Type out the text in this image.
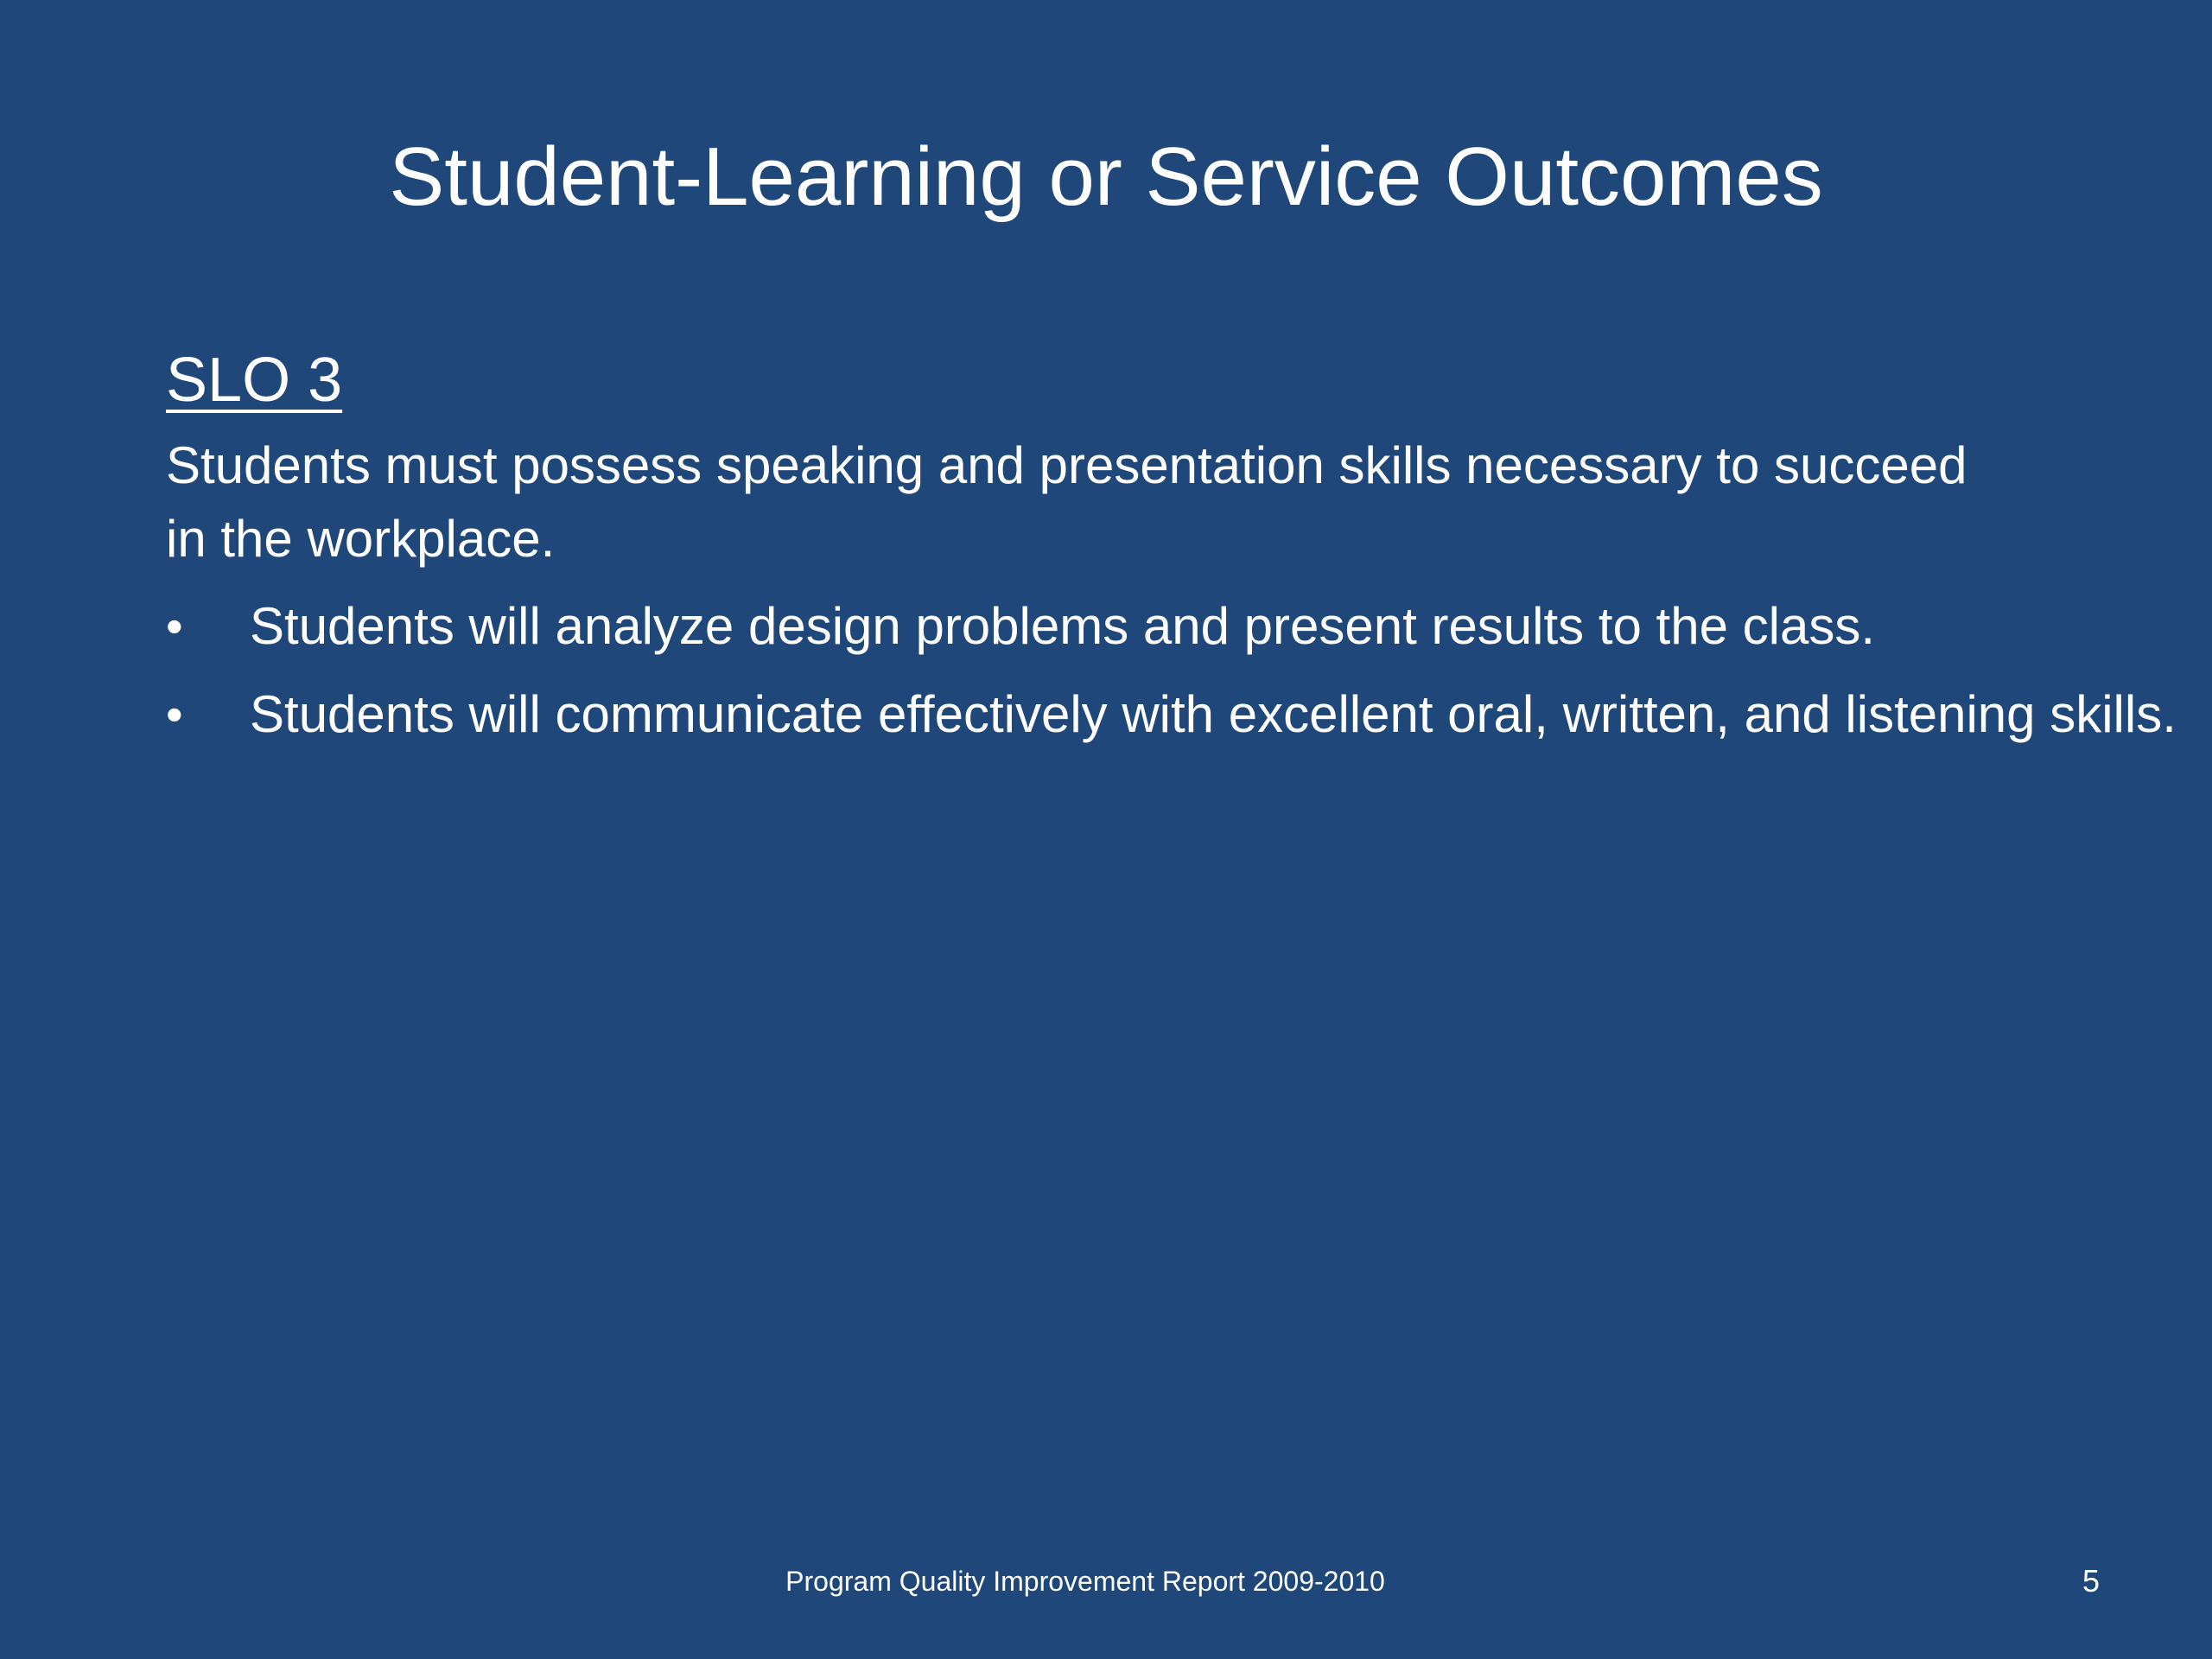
Student-Learning or Service Outcomes
SLO 3
Students must possess speaking and presentation skills necessary to succeed in the workplace.
•	Students will analyze design problems and present results to the class.
•	Students will communicate effectively with excellent oral, written, and listening skills.
Program Quality Improvement Report 2009-2010	5
